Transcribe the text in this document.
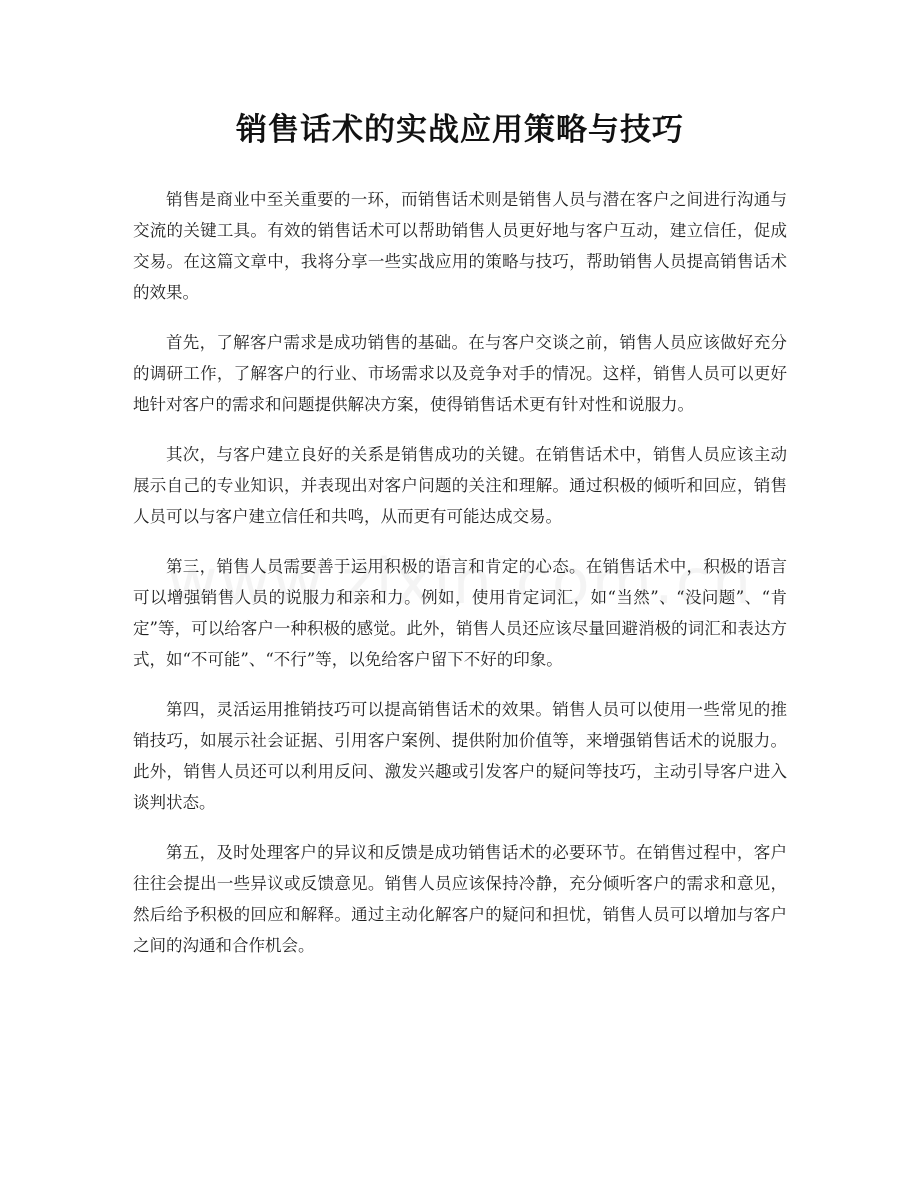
销售话术的实战应用策略与技巧

销售是商业中至关重要的一环，而销售话术则是销售人员与潜在客户之间进行沟通与交流的关键工具。有效的销售话术可以帮助销售人员更好地与客户互动，建立信任，促成交易。在这篇文章中，我将分享一些实战应用的策略与技巧，帮助销售人员提高销售话术的效果。

首先，了解客户需求是成功销售的基础。在与客户交谈之前，销售人员应该做好充分的调研工作，了解客户的行业、市场需求以及竞争对手的情况。这样，销售人员可以更好地针对客户的需求和问题提供解决方案，使得销售话术更有针对性和说服力。

其次，与客户建立良好的关系是销售成功的关键。在销售话术中，销售人员应该主动展示自己的专业知识，并表现出对客户问题的关注和理解。通过积极的倾听和回应，销售人员可以与客户建立信任和共鸣，从而更有可能达成交易。

第三，销售人员需要善于运用积极的语言和肯定的心态。在销售话术中，积极的语言可以增强销售人员的说服力和亲和力。例如，使用肯定词汇，如“当然”、“没问题”、“肯定”等，可以给客户一种积极的感觉。此外，销售人员还应该尽量回避消极的词汇和表达方式，如“不可能”、“不行”等，以免给客户留下不好的印象。

第四，灵活运用推销技巧可以提高销售话术的效果。销售人员可以使用一些常见的推销技巧，如展示社会证据、引用客户案例、提供附加价值等，来增强销售话术的说服力。此外，销售人员还可以利用反问、激发兴趣或引发客户的疑问等技巧，主动引导客户进入谈判状态。

第五，及时处理客户的异议和反馈是成功销售话术的必要环节。在销售过程中，客户往往会提出一些异议或反馈意见。销售人员应该保持冷静，充分倾听客户的需求和意见，然后给予积极的回应和解释。通过主动化解客户的疑问和担忧，销售人员可以增加与客户之间的沟通和合作机会。
